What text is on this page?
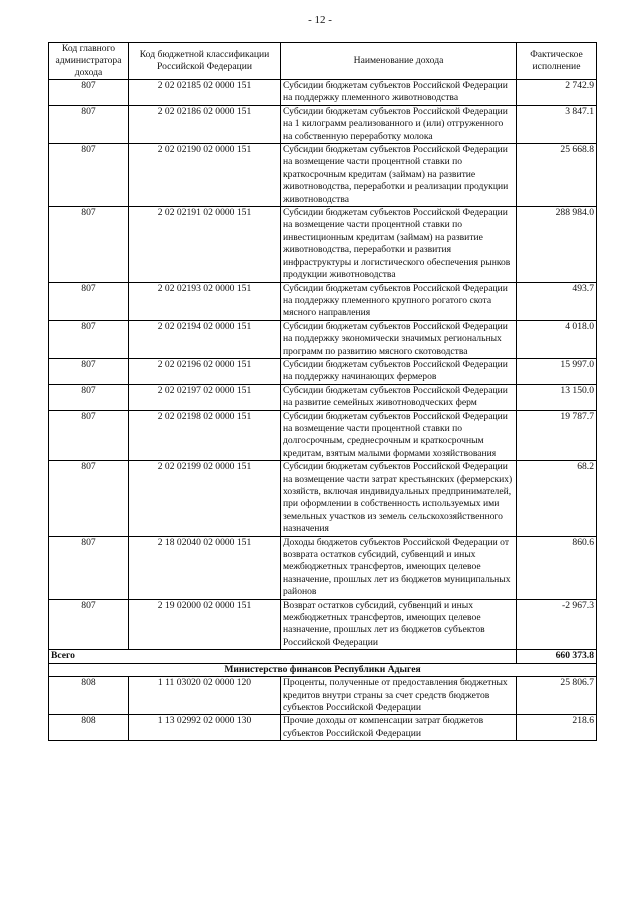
- 12 -
Код главного администратора дохода	Код бюджетной классификации Российской Федерации	Наименование дохода	Фактическое исполнение
807	2 02 02185 02 0000 151	Субсидии бюджетам субъектов Российской Федерации на поддержку племенного животноводства	2 742.9
807	2 02 02186 02 0000 151	Субсидии бюджетам субъектов Российской Федерации на 1 килограмм реализованного и (или) отгруженного на собственную переработку молока	3 847.1
807	2 02 02190 02 0000 151	Субсидии бюджетам субъектов Российской Федерации на возмещение части процентной ставки по краткосрочным кредитам (займам) на развитие животноводства, переработки и реализации продукции животноводства	25 668.8
807	2 02 02191 02 0000 151	Субсидии бюджетам субъектов Российской Федерации на возмещение части процентной ставки по инвестиционным кредитам (займам) на развитие животноводства, переработки и развития инфраструктуры и логистического обеспечения рынков продукции животноводства	288 984.0
807	2 02 02193 02 0000 151	Субсидии бюджетам субъектов Российской Федерации на поддержку племенного крупного рогатого скота мясного направления	493.7
807	2 02 02194 02 0000 151	Субсидии бюджетам субъектов Российской Федерации на поддержку экономически значимых региональных программ по развитию мясного скотоводства	4 018.0
807	2 02 02196 02 0000 151	Субсидии бюджетам субъектов Российской Федерации на поддержку начинающих фермеров	15 997.0
807	2 02 02197 02 0000 151	Субсидии бюджетам субъектов Российской Федерации на развитие семейных животноводческих ферм	13 150.0
807	2 02 02198 02 0000 151	Субсидии бюджетам субъектов Российской Федерации на возмещение части процентной ставки по долгосрочным, среднесрочным и краткосрочным кредитам, взятым малыми формами хозяйствования	19 787.7
807	2 02 02199 02 0000 151	Субсидии бюджетам субъектов Российской Федерации на возмещение части затрат крестьянских (фермерских) хозяйств, включая индивидуальных предпринимателей, при оформлении в собственность используемых ими земельных участков из земель сельскохозяйственного назначения	68.2
807	2 18 02040 02 0000 151	Доходы бюджетов субъектов Российской Федерации от возврата остатков субсидий, субвенций и иных межбюджетных трансфертов, имеющих целевое назначение, прошлых лет из бюджетов муниципальных районов	860.6
807	2 19 02000 02 0000 151	Возврат остатков субсидий, субвенций и иных межбюджетных трансфертов, имеющих целевое назначение, прошлых лет из бюджетов субъектов Российской Федерации	-2 967.3
Всего			660 373.8
Министерство финансов Республики Адыгея			
808	1 11 03020 02 0000 120	Проценты, полученные от предоставления бюджетных кредитов внутри страны за счет средств бюджетов субъектов Российской Федерации	25 806.7
808	1 13 02992 02 0000 130	Прочие доходы от компенсации затрат бюджетов субъектов Российской Федерации	218.6
